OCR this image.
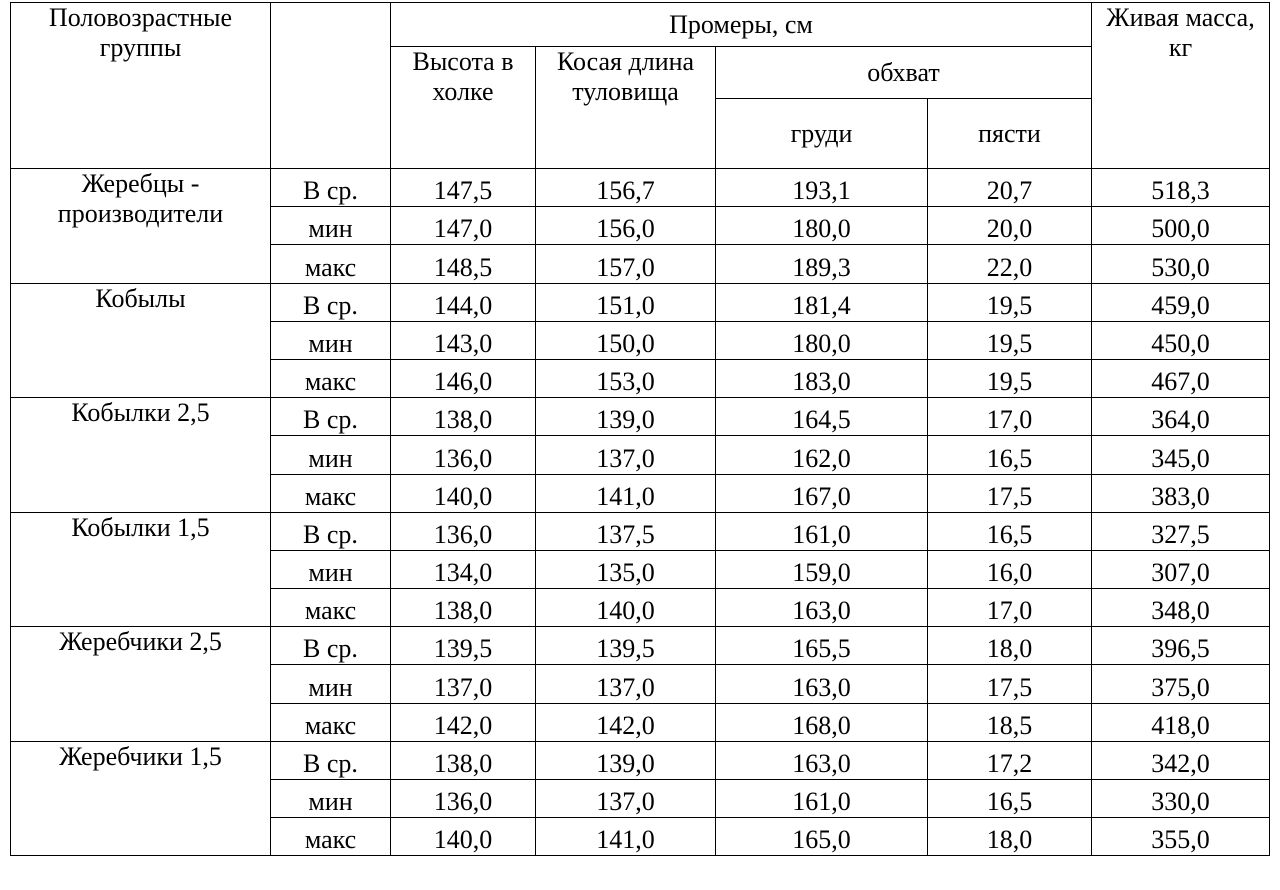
Половозрастные группы		Промеры, см				Живая масса, кг
		Высота в холке	Косая длина туловища	обхват		
				груди	пясти	
Жеребцы - производители	В ср.	147,5	156,7	193,1	20,7	518,3
	мин	147,0	156,0	180,0	20,0	500,0
	макс	148,5	157,0	189,3	22,0	530,0
Кобылы	В ср.	144,0	151,0	181,4	19,5	459,0
	мин	143,0	150,0	180,0	19,5	450,0
	макс	146,0	153,0	183,0	19,5	467,0
Кобылки 2,5	В ср.	138,0	139,0	164,5	17,0	364,0
	мин	136,0	137,0	162,0	16,5	345,0
	макс	140,0	141,0	167,0	17,5	383,0
Кобылки 1,5	В ср.	136,0	137,5	161,0	16,5	327,5
	мин	134,0	135,0	159,0	16,0	307,0
	макс	138,0	140,0	163,0	17,0	348,0
Жеребчики 2,5	В ср.	139,5	139,5	165,5	18,0	396,5
	мин	137,0	137,0	163,0	17,5	375,0
	макс	142,0	142,0	168,0	18,5	418,0
Жеребчики 1,5	В ср.	138,0	139,0	163,0	17,2	342,0
	мин	136,0	137,0	161,0	16,5	330,0
	макс	140,0	141,0	165,0	18,0	355,0
